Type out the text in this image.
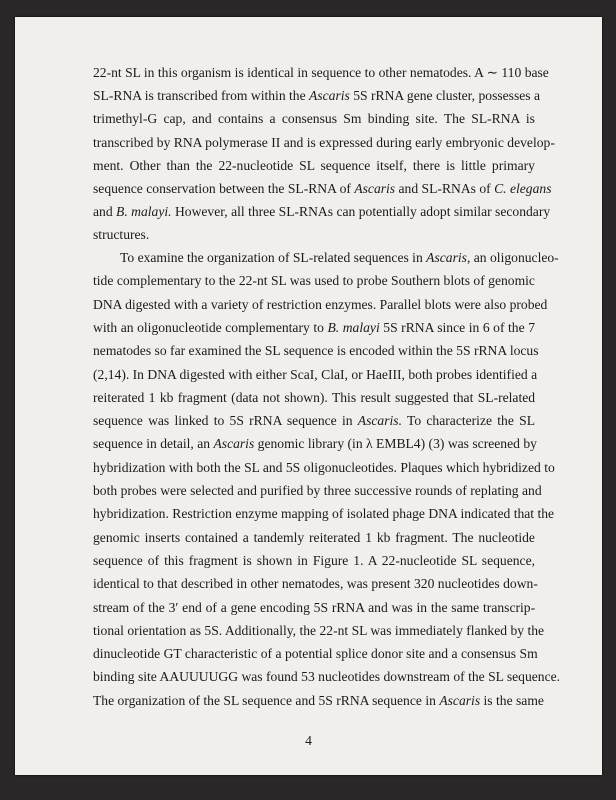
22-nt SL in this organism is identical in sequence to other nematodes. A ∼ 110 base
SL-RNA is transcribed from within the Ascaris 5S rRNA gene cluster, possesses a
trimethyl-G cap, and contains a consensus Sm binding site. The SL-RNA is
transcribed by RNA polymerase II and is expressed during early embryonic develop-
ment. Other than the 22-nucleotide SL sequence itself, there is little primary
sequence conservation between the SL-RNA of Ascaris and SL-RNAs of C. elegans
and B. malayi. However, all three SL-RNAs can potentially adopt similar secondary
structures.
To examine the organization of SL-related sequences in Ascaris, an oligonucleo-
tide complementary to the 22-nt SL was used to probe Southern blots of genomic
DNA digested with a variety of restriction enzymes. Parallel blots were also probed
with an oligonucleotide complementary to B. malayi 5S rRNA since in 6 of the 7
nematodes so far examined the SL sequence is encoded within the 5S rRNA locus
(2,14). In DNA digested with either ScaI, ClaI, or HaeIII, both probes identified a
reiterated 1 kb fragment (data not shown). This result suggested that SL-related
sequence was linked to 5S rRNA sequence in Ascaris. To characterize the SL
sequence in detail, an Ascaris genomic library (in λ EMBL4) (3) was screened by
hybridization with both the SL and 5S oligonucleotides. Plaques which hybridized to
both probes were selected and purified by three successive rounds of replating and
hybridization. Restriction enzyme mapping of isolated phage DNA indicated that the
genomic inserts contained a tandemly reiterated 1 kb fragment. The nucleotide
sequence of this fragment is shown in Figure 1. A 22-nucleotide SL sequence,
identical to that described in other nematodes, was present 320 nucleotides down-
stream of the 3′ end of a gene encoding 5S rRNA and was in the same transcrip-
tional orientation as 5S. Additionally, the 22-nt SL was immediately flanked by the
dinucleotide GT characteristic of a potential splice donor site and a consensus Sm
binding site AAUUUUGG was found 53 nucleotides downstream of the SL sequence.
The organization of the SL sequence and 5S rRNA sequence in Ascaris is the same
4
